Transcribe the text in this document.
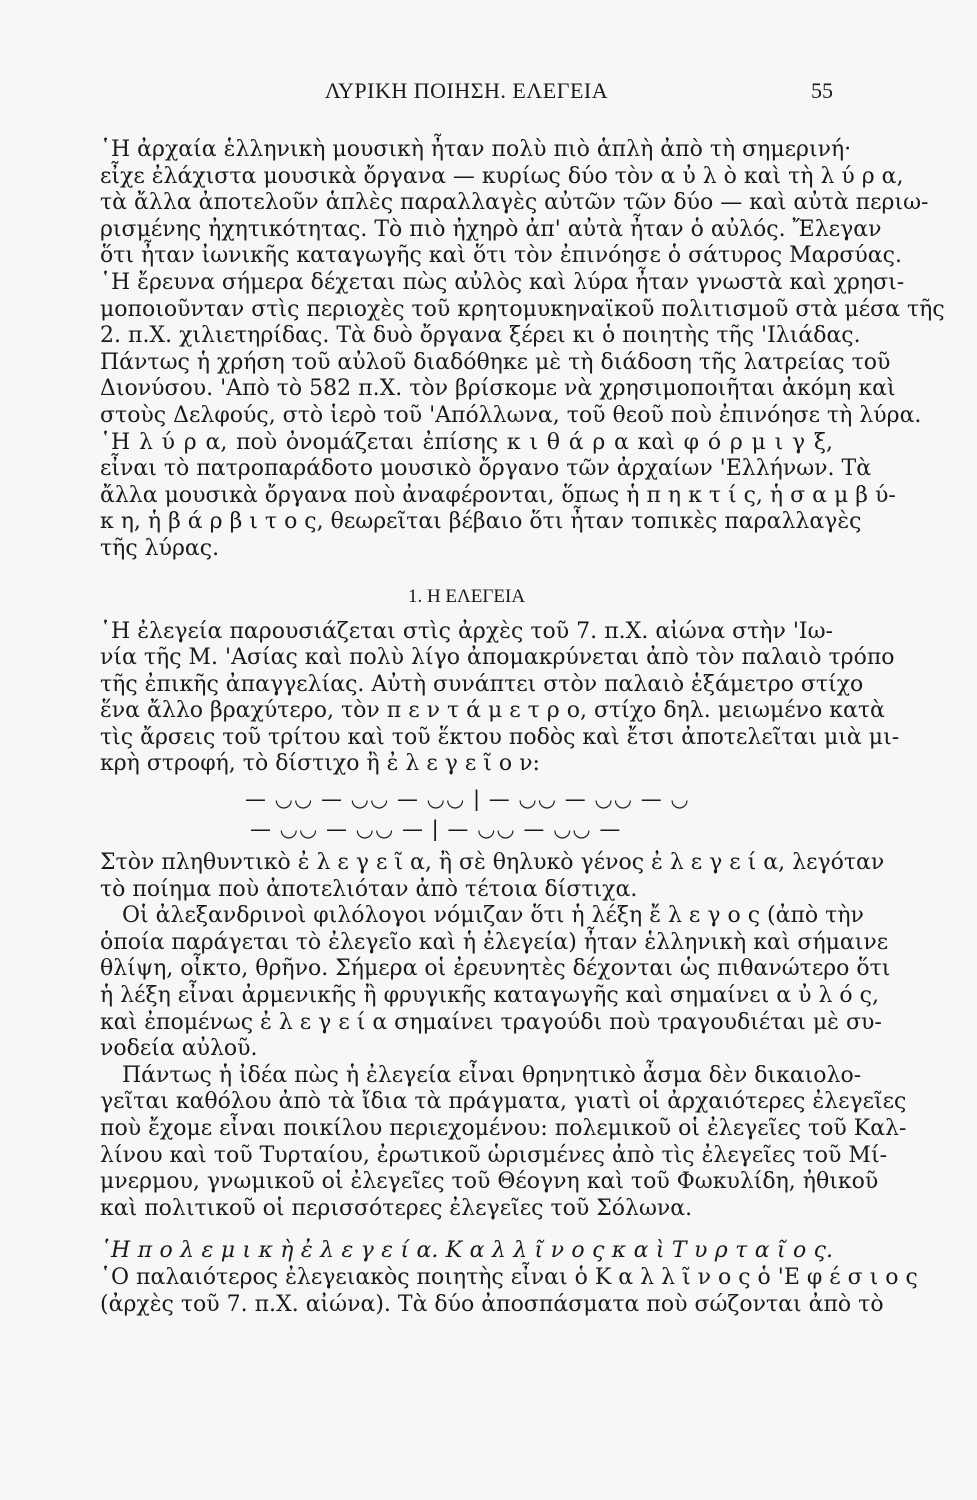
ΛΥΡΙΚΗ ΠΟΙΗΣΗ. ΕΛΕΓΕΙΑ	55
῾Η ἀρχαία ἑλληνικὴ μουσικὴ ἦταν πολὺ πιὸ ἁπλὴ ἀπὸ τὴ σημερινή·
εἶχε ἐλάχιστα μουσικὰ ὄργανα — κυρίως δύο τὸν α ὐ λ ὸ καὶ τὴ λ ύ ρ α,
τὰ ἄλλα ἀποτελοῦν ἁπλὲς παραλλαγὲς αὐτῶν τῶν δύο — καὶ αὐτὰ περιω-
ρισμένης ἠχητικότητας. Τὸ πιὸ ἠχηρὸ ἀπ' αὐτὰ ἦταν ὁ αὐλός. Ἔλεγαν
ὅτι ἦταν ἰωνικῆς καταγωγῆς καὶ ὅτι τὸν ἐπινόησε ὁ σάτυρος Μαρσύας.
῾Η ἔρευνα σήμερα δέχεται πὼς αὐλὸς καὶ λύρα ἦταν γνωστὰ καὶ χρησι-
μοποιοῦνταν στὶς περιοχὲς τοῦ κρητομυκηναϊκοῦ πολιτισμοῦ στὰ μέσα τῆς
2. π.Χ. χιλιετηρίδας. Τὰ δυὸ ὄργανα ξέρει κι ὁ ποιητὴς τῆς 'Ιλιάδας.
Πάντως ἡ χρήση τοῦ αὐλοῦ διαδόθηκε μὲ τὴ διάδοση τῆς λατρείας τοῦ
Διονύσου. 'Απὸ τὸ 582 π.Χ. τὸν βρίσκομε νὰ χρησιμοποιῆται ἀκόμη καὶ
στοὺς Δελφούς, στὸ ἱερὸ τοῦ 'Απόλλωνα, τοῦ θεοῦ ποὺ ἐπινόησε τὴ λύρα.
῾Η λ ύ ρ α, ποὺ ὀνομάζεται ἐπίσης κ ι θ ά ρ α καὶ φ ό ρ μ ι γ ξ,
εἶναι τὸ πατροπαράδοτο μουσικὸ ὄργανο τῶν ἀρχαίων 'Ελλήνων. Τὰ
ἄλλα μουσικὰ ὄργανα ποὺ ἀναφέρονται, ὅπως ἡ π η κ τ ί ς, ἡ σ α μ β ύ-
κ η, ἡ β ά ρ β ι τ ο ς, θεωρεῖται βέβαιο ὅτι ἦταν τοπικὲς παραλλαγὲς
τῆς λύρας.
1. Η ΕΛΕΓΕΙΑ
῾Η ἐλεγεία παρουσιάζεται στὶς ἀρχὲς τοῦ 7. π.Χ. αἰώνα στὴν 'Ιω-
νία τῆς Μ. 'Ασίας καὶ πολὺ λίγο ἀπομακρύνεται ἀπὸ τὸν παλαιὸ τρόπο
τῆς ἐπικῆς ἀπαγγελίας. Αὐτὴ συνάπτει στὸν παλαιὸ ἑξάμετρο στίχο
ἕνα ἄλλο βραχύτερο, τὸν π ε ν τ ά μ ε τ ρ ο, στίχο δηλ. μειωμένο κατὰ
τὶς ἄρσεις τοῦ τρίτου καὶ τοῦ ἕκτου ποδὸς καὶ ἔτσι ἀποτελεῖται μιὰ μι-
κρὴ στροφή, τὸ δίστιχο ἢ ἐ λ ε γ ε ῖ ο ν:
— ◡◡ — ◡◡ — ◡◡ | — ◡◡ — ◡◡ — ◡
— ◡◡ — ◡◡ — | — ◡◡ — ◡◡ —
Στὸν πληθυντικὸ ἐ λ ε γ ε ῖ α, ἢ σὲ θηλυκὸ γένος ἐ λ ε γ ε ί α, λεγόταν
τὸ ποίημα ποὺ ἀποτελιόταν ἀπὸ τέτοια δίστιχα.
Οἱ ἀλεξανδρινοὶ φιλόλογοι νόμιζαν ὅτι ἡ λέξη ἔ λ ε γ ο ς (ἀπὸ τὴν
ὁποία παράγεται τὸ ἐλεγεῖο καὶ ἡ ἐλεγεία) ἦταν ἑλληνικὴ καὶ σήμαινε
θλίψη, οἶκτο, θρῆνο. Σήμερα οἱ ἐρευνητὲς δέχονται ὡς πιθανώτερο ὅτι
ἡ λέξη εἶναι ἀρμενικῆς ἢ φρυγικῆς καταγωγῆς καὶ σημαίνει α ὐ λ ό ς,
καὶ ἐπομένως ἐ λ ε γ ε ί α σημαίνει τραγούδι ποὺ τραγουδιέται μὲ συ-
νοδεία αὐλοῦ.
Πάντως ἡ ἰδέα πὼς ἡ ἐλεγεία εἶναι θρηνητικὸ ἆσμα δὲν δικαιολο-
γεῖται καθόλου ἀπὸ τὰ ἴδια τὰ πράγματα, γιατὶ οἱ ἀρχαιότερες ἐλεγεῖες
ποὺ ἔχομε εἶναι ποικίλου περιεχομένου: πολεμικοῦ οἱ ἐλεγεῖες τοῦ Καλ-
λίνου καὶ τοῦ Τυρταίου, ἐρωτικοῦ ὡρισμένες ἀπὸ τὶς ἐλεγεῖες τοῦ Μί-
μνερμου, γνωμικοῦ οἱ ἐλεγεῖες τοῦ Θέογνη καὶ τοῦ Φωκυλίδη, ἠθικοῦ
καὶ πολιτικοῦ οἱ περισσότερες ἐλεγεῖες τοῦ Σόλωνα.
῾Η π ο λ ε μ ι κ ὴ ἐ λ ε γ ε ί α. Κ α λ λ ῖ ν ο ς κ α ὶ Τ υ ρ τ α ῖ ο ς.
῾Ο παλαιότερος ἐλεγειακὸς ποιητὴς εἶναι ὁ Κ α λ λ ῖ ν ο ς ὁ 'Ε φ έ σ ι ο ς
(ἀρχὲς τοῦ 7. π.Χ. αἰώνα). Τὰ δύο ἀποσπάσματα ποὺ σώζονται ἀπὸ τὸ
